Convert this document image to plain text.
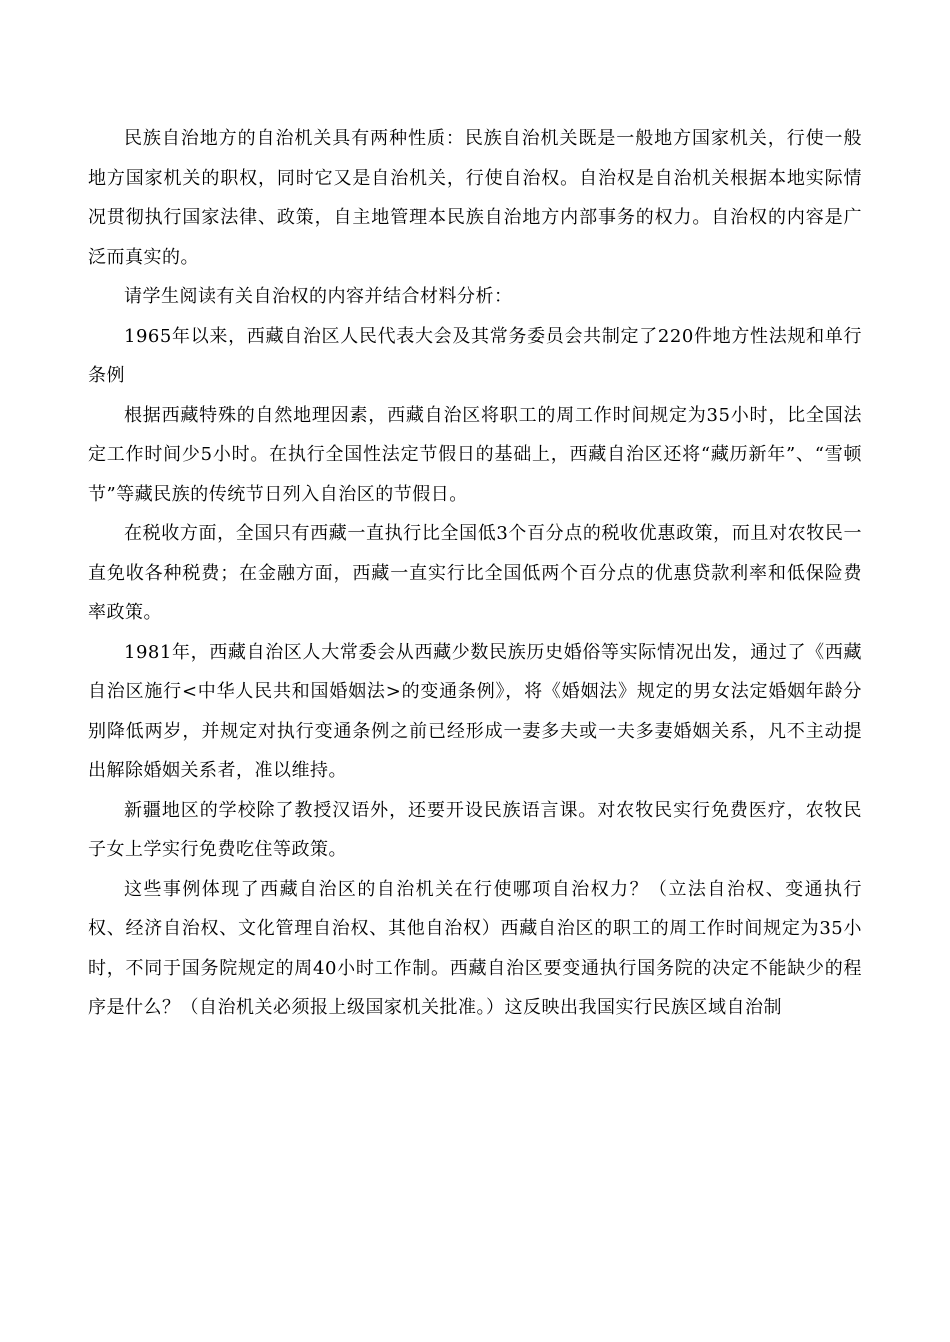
民族自治地方的自治机关具有两种性质：民族自治机关既是一般地方国家机关，行使一般地方国家机关的职权，同时它又是自治机关，行使自治权。自治权是自治机关根据本地实际情况贯彻执行国家法律、政策，自主地管理本民族自治地方内部事务的权力。自治权的内容是广泛而真实的。

请学生阅读有关自治权的内容并结合材料分析：

1965年以来，西藏自治区人民代表大会及其常务委员会共制定了220件地方性法规和单行条例

根据西藏特殊的自然地理因素，西藏自治区将职工的周工作时间规定为35小时，比全国法定工作时间少5小时。在执行全国性法定节假日的基础上，西藏自治区还将“藏历新年”、“雪顿节”等藏民族的传统节日列入自治区的节假日。

在税收方面，全国只有西藏一直执行比全国低3个百分点的税收优惠政策，而且对农牧民一直免收各种税费；在金融方面，西藏一直实行比全国低两个百分点的优惠贷款利率和低保险费率政策。

1981年，西藏自治区人大常委会从西藏少数民族历史婚俗等实际情况出发，通过了《西藏自治区施行<中华人民共和国婚姻法>的变通条例》，将《婚姻法》规定的男女法定婚姻年龄分别降低两岁，并规定对执行变通条例之前已经形成一妻多夫或一夫多妻婚姻关系，凡不主动提出解除婚姻关系者，准以维持。

新疆地区的学校除了教授汉语外，还要开设民族语言课。对农牧民实行免费医疗，农牧民子女上学实行免费吃住等政策。

这些事例体现了西藏自治区的自治机关在行使哪项自治权力？（立法自治权、变通执行权、经济自治权、文化管理自治权、其他自治权）西藏自治区的职工的周工作时间规定为35小时，不同于国务院规定的周40小时工作制。西藏自治区要变通执行国务院的决定不能缺少的程序是什么？（自治机关必须报上级国家机关批准。）这反映出我国实行民族区域自治制
